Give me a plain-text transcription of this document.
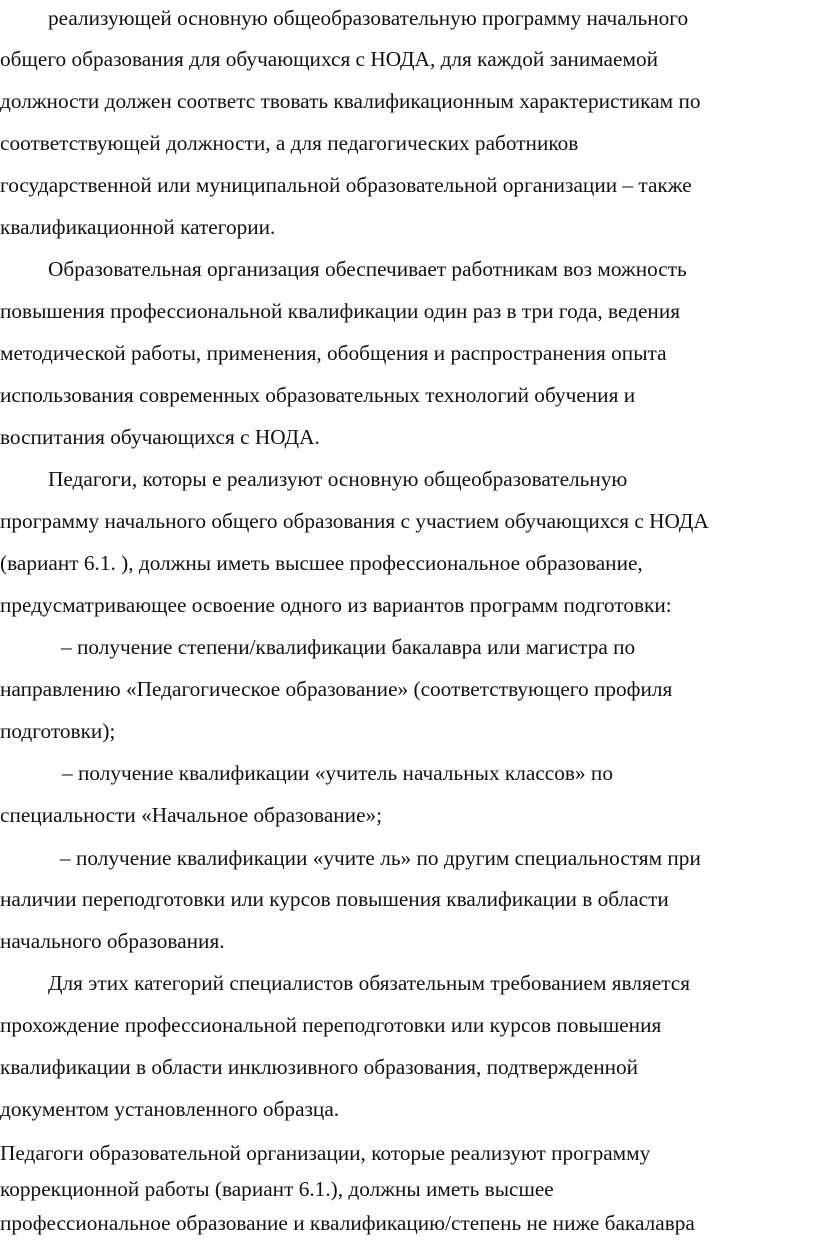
реализующей основную общеобразовательную программу начального
общего образования для обучающихся с НОДА, для каждой занимаемой
должности должен соответс твовать квалификационным характеристикам по
соответствующей должности, а для педагогических работников
государственной или муниципальной образовательной организации – также
квалификационной категории.
Образовательная организация обеспечивает работникам воз можность
повышения профессиональной квалификации один раз в три года, ведения
методической работы, применения, обобщения и распространения опыта
использования современных образовательных технологий обучения и
воспитания обучающихся с НОДА.
Педагоги, которы е реализуют основную общеобразовательную
программу начального общего образования с участием обучающихся с НОДА
(вариант 6.1. ), должны иметь высшее профессиональное образование,
предусматривающее освоение одного из вариантов программ подготовки:
– получение степени/квалификации бакалавра или магистра по
направлению «Педагогическое образование» (соответствующего профиля
подготовки);
– получение квалификации «учитель начальных классов» по
специальности «Начальное образование»;
– получение квалификации «учите ль» по другим специальностям при
наличии переподготовки или курсов повышения квалификации в области
начального образования.
Для этих категорий специалистов обязательным требованием является
прохождение профессиональной переподготовки или курсов повышения
квалификации в области инклюзивного образования, подтвержденной
документом установленного образца.
Педагоги образовательной организации, которые реализуют программу
коррекционной работы (вариант 6.1.), должны иметь высшее
профессиональное образование и квалификацию/степень не ниже бакалавра
